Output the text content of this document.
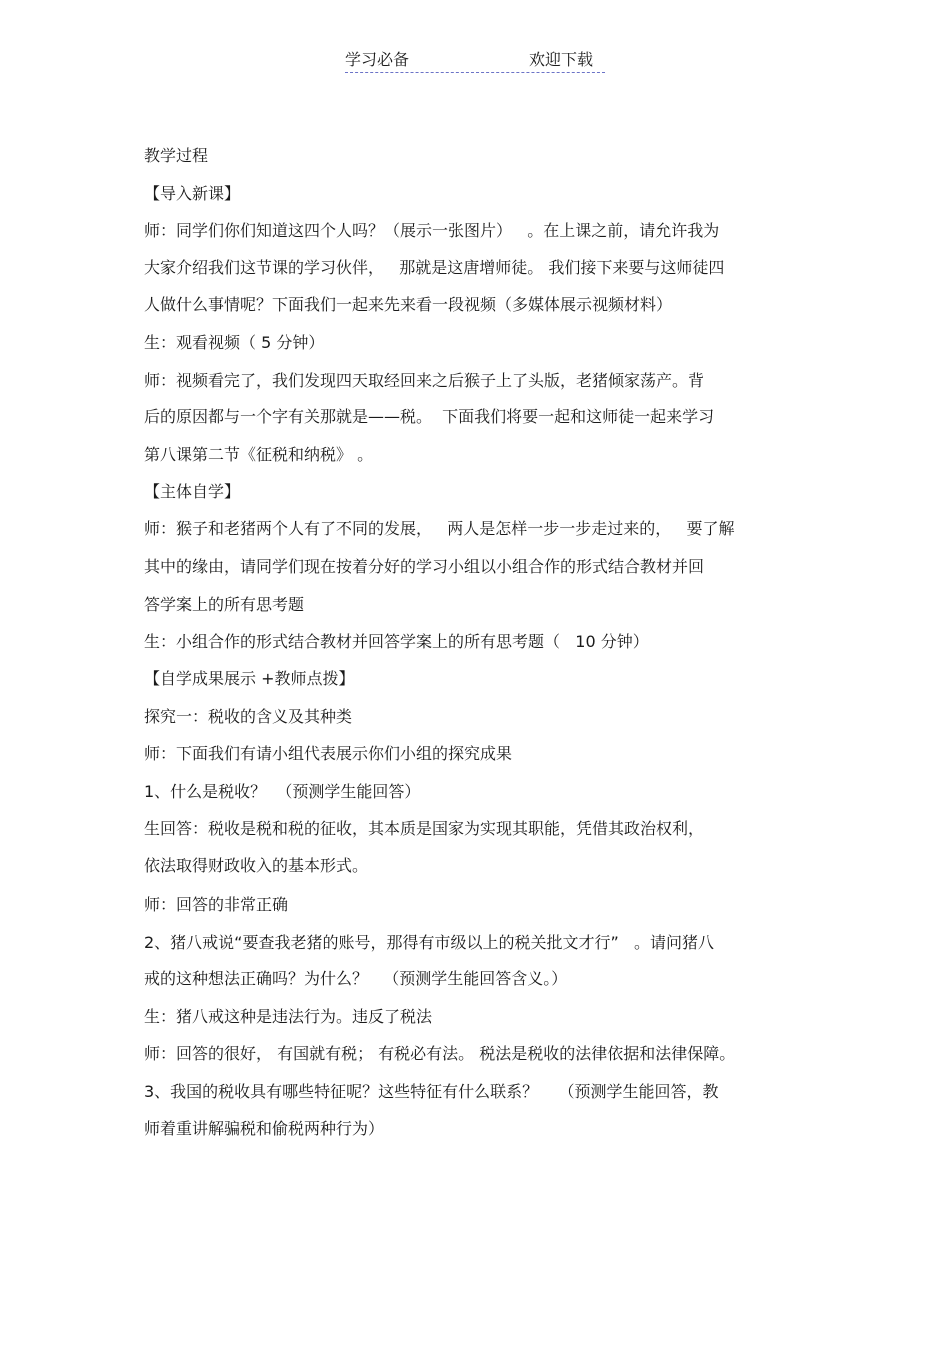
学习必备	欢迎下载
教学过程
【导入新课】
师：同学们你们知道这四个人吗？（展示一张图片）   。在上课之前，请允许我为
大家介绍我们这节课的学习伙伴，   那就是这唐增师徒。 我们接下来要与这师徒四
人做什么事情呢？下面我们一起来先来看一段视频（多媒体展示视频材料）
生：观看视频（ 5 分钟）
师：视频看完了，我们发现四天取经回来之后猴子上了头版，老猪倾家荡产。背
后的原因都与一个字有关那就是——税。  下面我们将要一起和这师徒一起来学习
第八课第二节《征税和纳税》 。
【主体自学】
师：猴子和老猪两个人有了不同的发展，   两人是怎样一步一步走过来的，   要了解
其中的缘由，请同学们现在按着分好的学习小组以小组合作的形式结合教材并回
答学案上的所有思考题
生：小组合作的形式结合教材并回答学案上的所有思考题（   10 分钟）
【自学成果展示 +教师点拨】
探究一：税收的含义及其种类
师：下面我们有请小组代表展示你们小组的探究成果
1、什么是税收？  （预测学生能回答）
生回答：税收是税和税的征收，其本质是国家为实现其职能，凭借其政治权利，
依法取得财政收入的基本形式。
师：回答的非常正确
2、猪八戒说“要查我老猪的账号，那得有市级以上的税关批文才行”   。请问猪八
戒的这种想法正确吗？为什么？   （预测学生能回答含义。）
生：猪八戒这种是违法行为。违反了税法
师：回答的很好， 有国就有税； 有税必有法。 税法是税收的法律依据和法律保障。
3、我国的税收具有哪些特征呢？这些特征有什么联系？    （预测学生能回答，教
师着重讲解骗税和偷税两种行为）
